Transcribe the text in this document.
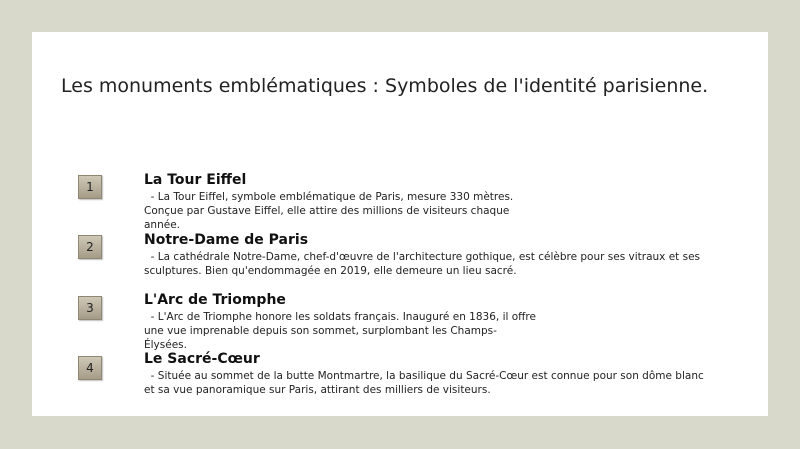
Les monuments emblématiques : Symboles de l'identité parisienne.
1	La Tour Eiffel
- La Tour Eiffel, symbole emblématique de Paris, mesure 330 mètres.
Conçue par Gustave Eiffel, elle attire des millions de visiteurs chaque
année.
2	Notre-Dame de Paris
- La cathédrale Notre-Dame, chef-d'œuvre de l'architecture gothique, est célèbre pour ses vitraux et ses
sculptures. Bien qu'endommagée en 2019, elle demeure un lieu sacré.
3	L'Arc de Triomphe
- L'Arc de Triomphe honore les soldats français. Inauguré en 1836, il offre
une vue imprenable depuis son sommet, surplombant les Champs-
Élysées.
4
Le Sacré-Cœur
- Située au sommet de la butte Montmartre, la basilique du Sacré-Cœur est connue pour son dôme blanc
et sa vue panoramique sur Paris, attirant des milliers de visiteurs.
